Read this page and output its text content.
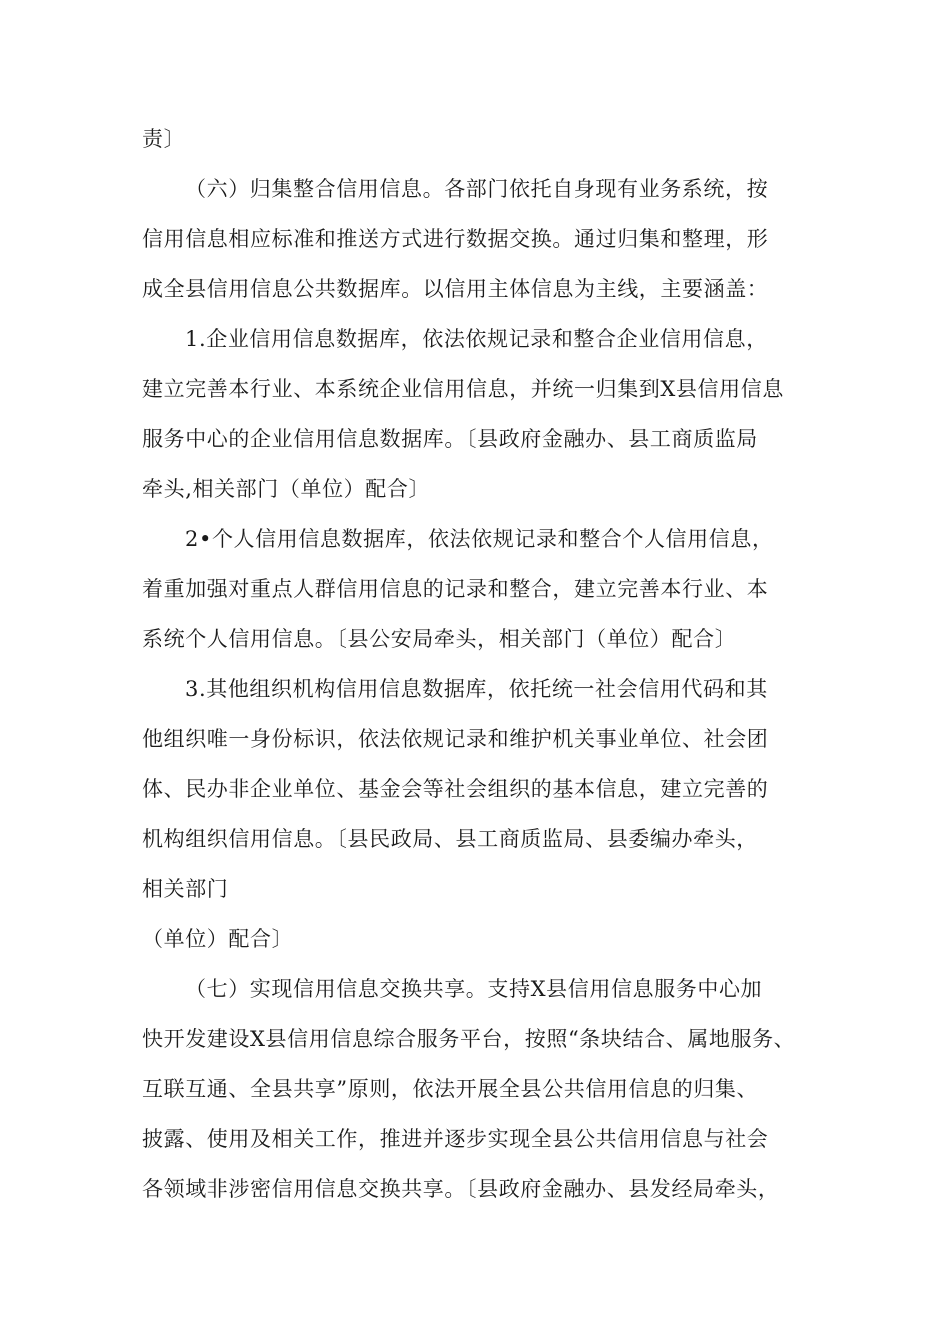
责〕
（六）归集整合信用信息。各部门依托自身现有业务系统，按
信用信息相应标准和推送方式进行数据交换。通过归集和整理，形
成全县信用信息公共数据库。以信用主体信息为主线，主要涵盖：
1.企业信用信息数据库，依法依规记录和整合企业信用信息，
建立完善本行业、本系统企业信用信息，并统一归集到X县信用信息
服务中心的企业信用信息数据库。〔县政府金融办、县工商质监局
牵头,相关部门（单位）配合〕
2•个人信用信息数据库，依法依规记录和整合个人信用信息，
着重加强对重点人群信用信息的记录和整合，建立完善本行业、本
系统个人信用信息。〔县公安局牵头，相关部门（单位）配合〕
3.其他组织机构信用信息数据库，依托统一社会信用代码和其
他组织唯一身份标识，依法依规记录和维护机关事业单位、社会团
体、民办非企业单位、基金会等社会组织的基本信息，建立完善的
机构组织信用信息。〔县民政局、县工商质监局、县委编办牵头，
相关部门
（单位）配合〕
（七）实现信用信息交换共享。支持X县信用信息服务中心加
快开发建设X县信用信息综合服务平台，按照“条块结合、属地服务、
互联互通、全县共享”原则，依法开展全县公共信用信息的归集、
披露、使用及相关工作，推进并逐步实现全县公共信用信息与社会
各领域非涉密信用信息交换共享。〔县政府金融办、县发经局牵头，
